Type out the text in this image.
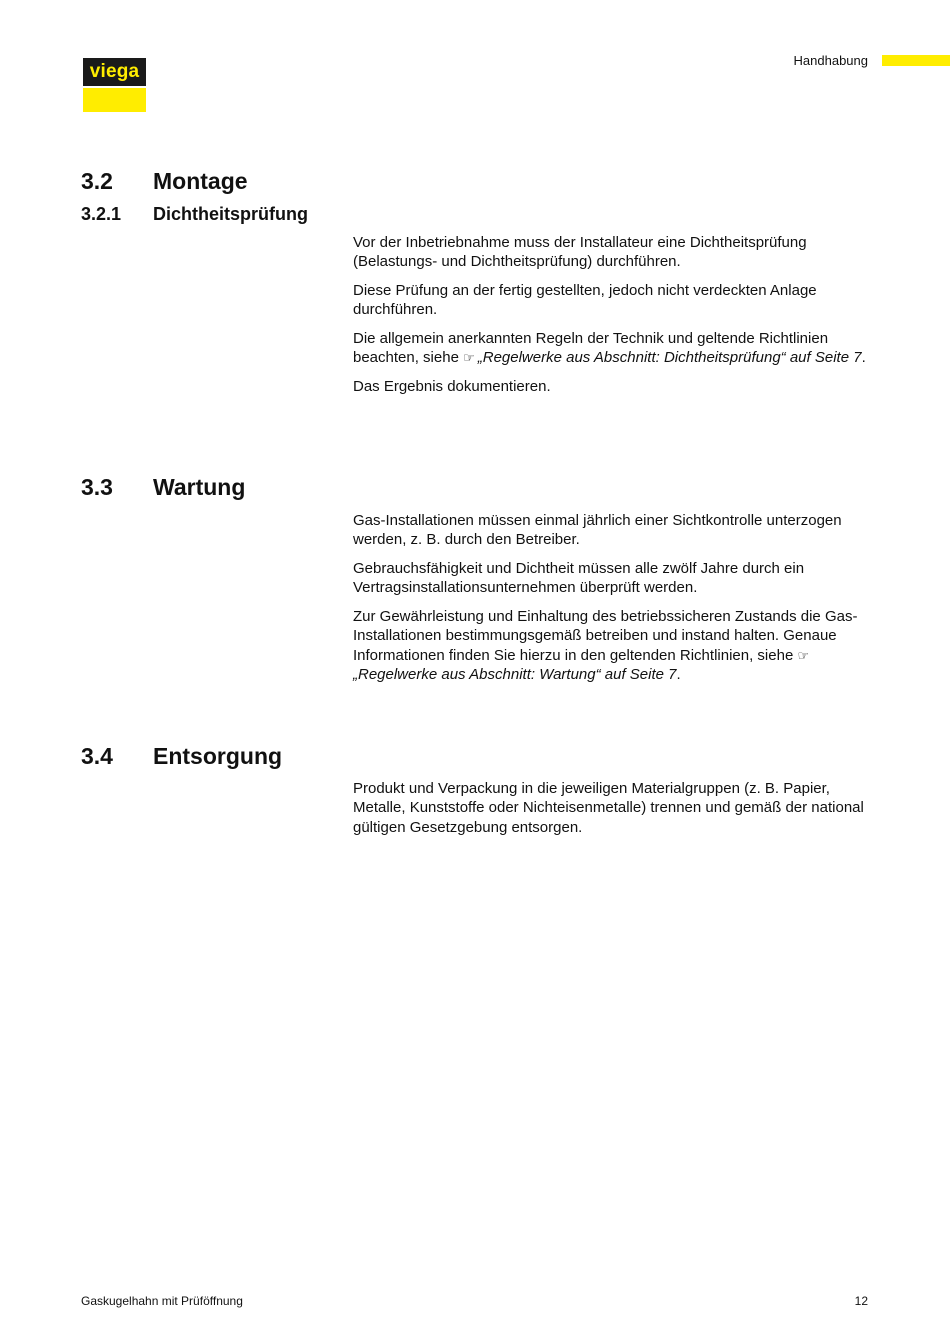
viega
Handhabung
3.2 Montage
3.2.1 Dichtheitsprüfung

Vor der Inbetriebnahme muss der Installateur eine Dichtheitsprüfung (Belastungs- und Dichtheitsprüfung) durchführen.

Diese Prüfung an der fertig gestellten, jedoch nicht verdeckten Anlage durchführen.

Die allgemein anerkannten Regeln der Technik und geltende Richtlinien beachten, siehe ☞ „Regelwerke aus Abschnitt: Dichtheitsprüfung“ auf Seite 7.

Das Ergebnis dokumentieren.

3.3 Wartung

Gas-Installationen müssen einmal jährlich einer Sichtkontrolle unterzogen werden, z. B. durch den Betreiber.

Gebrauchsfähigkeit und Dichtheit müssen alle zwölf Jahre durch ein Vertragsinstallationsunternehmen überprüft werden.

Zur Gewährleistung und Einhaltung des betriebssicheren Zustands die Gas-Installationen bestimmungsgemäß betreiben und instand halten. Genaue Informationen finden Sie hierzu in den geltenden Richtlinien, siehe ☞„Regelwerke aus Abschnitt: Wartung“ auf Seite 7.

3.4 Entsorgung

Produkt und Verpackung in die jeweiligen Materialgruppen (z. B. Papier, Metalle, Kunststoffe oder Nichteisenmetalle) trennen und gemäß der national gültigen Gesetzgebung entsorgen.

Gaskugelhahn mit Prüföffnung	12
